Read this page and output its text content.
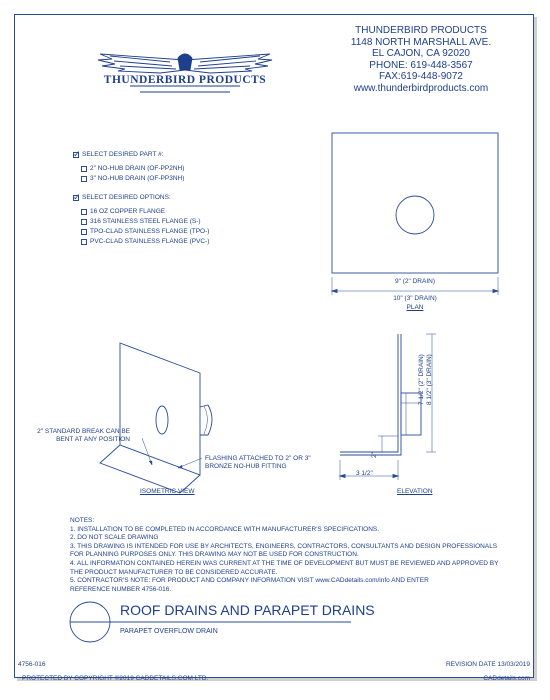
THUNDERBIRD PRODUCTS
THUNDERBIRD PRODUCTS
1148 NORTH MARSHALL AVE.
EL CAJON, CA 92020
PHONE: 619-448-3567
FAX:619-448-9072
www.thunderbirdproducts.com
✓
SELECT DESIRED PART #:
2" NO-HUB DRAIN (OF-PP2NH)
3" NO-HUB DRAIN (OF-PP3NH)
✓
SELECT DESIRED OPTIONS:
16 OZ COPPER FLANGE
316 STAINLESS STEEL FLANGE (S-)
TPO-CLAD STAINLESS FLANGE (TPO-)
PVC-CLAD STAINLESS FLANGE (PVC-)
9" (2" DRAIN)
10" (3" DRAIN)
PLAN
2" STANDARD BREAK CAN BE
BENT AT ANY POSITION
FLASHING ATTACHED TO 2" OR 3"
BRONZE NO-HUB FITTING
ISOMETRIC VIEW
7 1/2" (2" DRAIN) 8 1/2" (3" DRAIN)
2"
3 1/2"
ELEVATION
NOTES:
1. INSTALLATION TO BE COMPLETED IN ACCORDANCE WITH MANUFACTURER'S SPECIFICATIONS.
2. DO NOT SCALE DRAWING
3. THIS DRAWING IS INTENDED FOR USE BY ARCHITECTS, ENGINEERS, CONTRACTORS, CONSULTANTS AND DESIGN PROFESSIONALS
FOR PLANNING PURPOSES ONLY. THIS DRAWING MAY NOT BE USED FOR CONSTRUCTION.
4. ALL INFORMATION CONTAINED HEREIN WAS CURRENT AT THE TIME OF DEVELOPMENT BUT MUST BE REVIEWED AND APPROVED BY
THE PRODUCT MANUFACTURER TO BE CONSIDERED ACCURATE.
5. CONTRACTOR'S NOTE: FOR PRODUCT AND COMPANY INFORMATION VISIT www.CADdetails.com/info AND ENTER
REFERENCE NUMBER 4756-016.
ROOF DRAINS AND PARAPET DRAINS
PARAPET OVERFLOW DRAIN
4756-016	REVISION DATE 13/03/2019
PROTECTED BY COPYRIGHT ©2019 CADDETAILS.COM LTD.	CADdetails.com
